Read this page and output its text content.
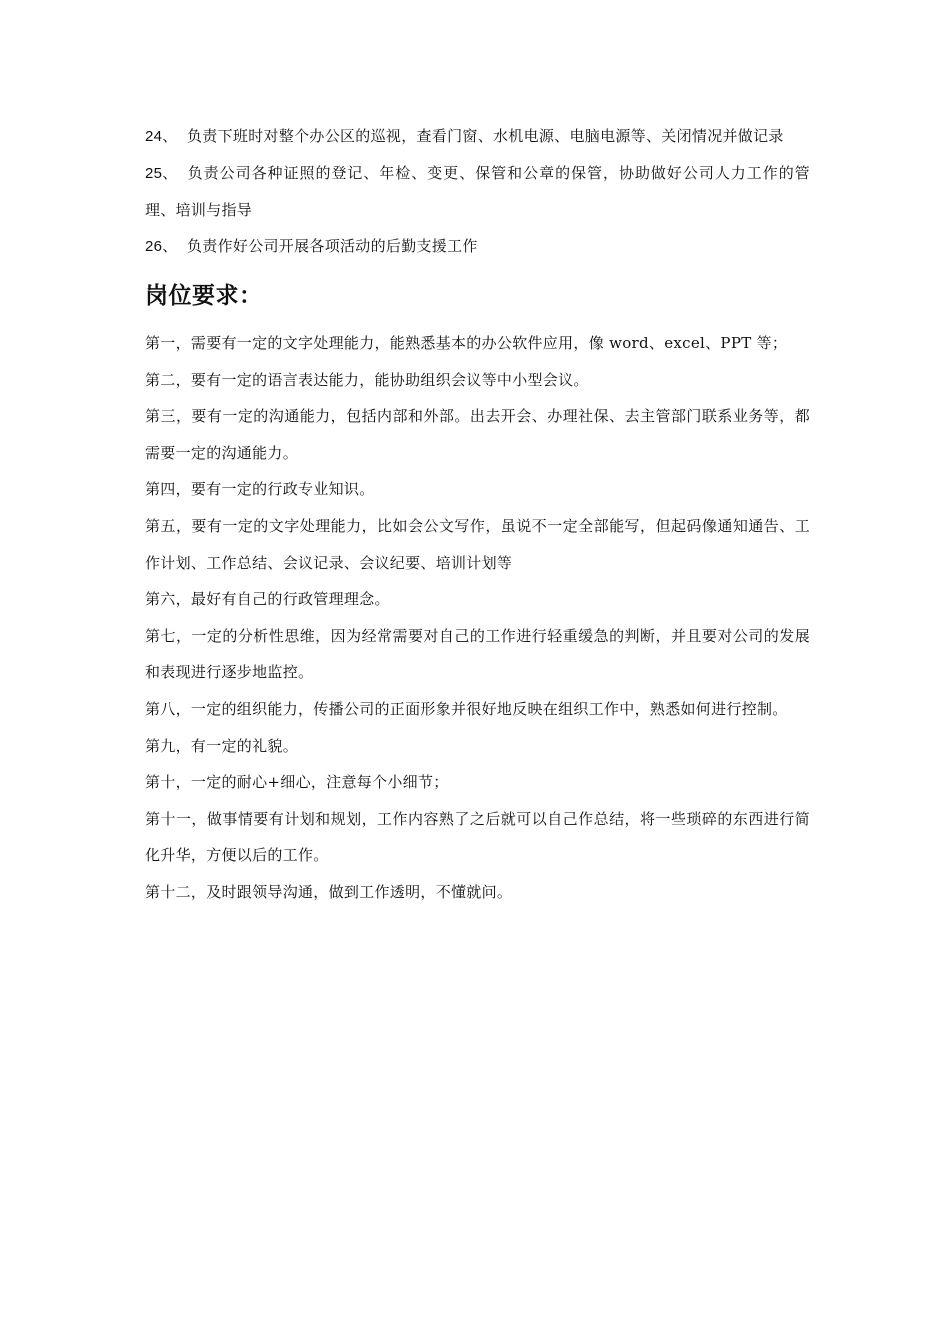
24、 负责下班时对整个办公区的巡视，查看门窗、水机电源、电脑电源等、关闭情况并做记录

25、 负责公司各种证照的登记、年检、变更、保管和公章的保管，协助做好公司人力工作的管理、培训与指导

26、 负责作好公司开展各项活动的后勤支援工作

岗位要求：

第一，需要有一定的文字处理能力，能熟悉基本的办公软件应用，像 word、excel、PPT 等；

第二，要有一定的语言表达能力，能协助组织会议等中小型会议。

第三，要有一定的沟通能力，包括内部和外部。出去开会、办理社保、去主管部门联系业务等，都需要一定的沟通能力。

第四，要有一定的行政专业知识。

第五，要有一定的文字处理能力，比如会公文写作，虽说不一定全部能写，但起码像通知通告、工作计划、工作总结、会议记录、会议纪要、培训计划等

第六，最好有自己的行政管理理念。

第七，一定的分析性思维，因为经常需要对自己的工作进行轻重缓急的判断，并且要对公司的发展和表现进行逐步地监控。

第八，一定的组织能力，传播公司的正面形象并很好地反映在组织工作中，熟悉如何进行控制。

第九，有一定的礼貌。

第十，一定的耐心+细心，注意每个小细节；

第十一，做事情要有计划和规划，工作内容熟了之后就可以自己作总结，将一些琐碎的东西进行简化升华，方便以后的工作。

第十二，及时跟领导沟通，做到工作透明，不懂就问。
